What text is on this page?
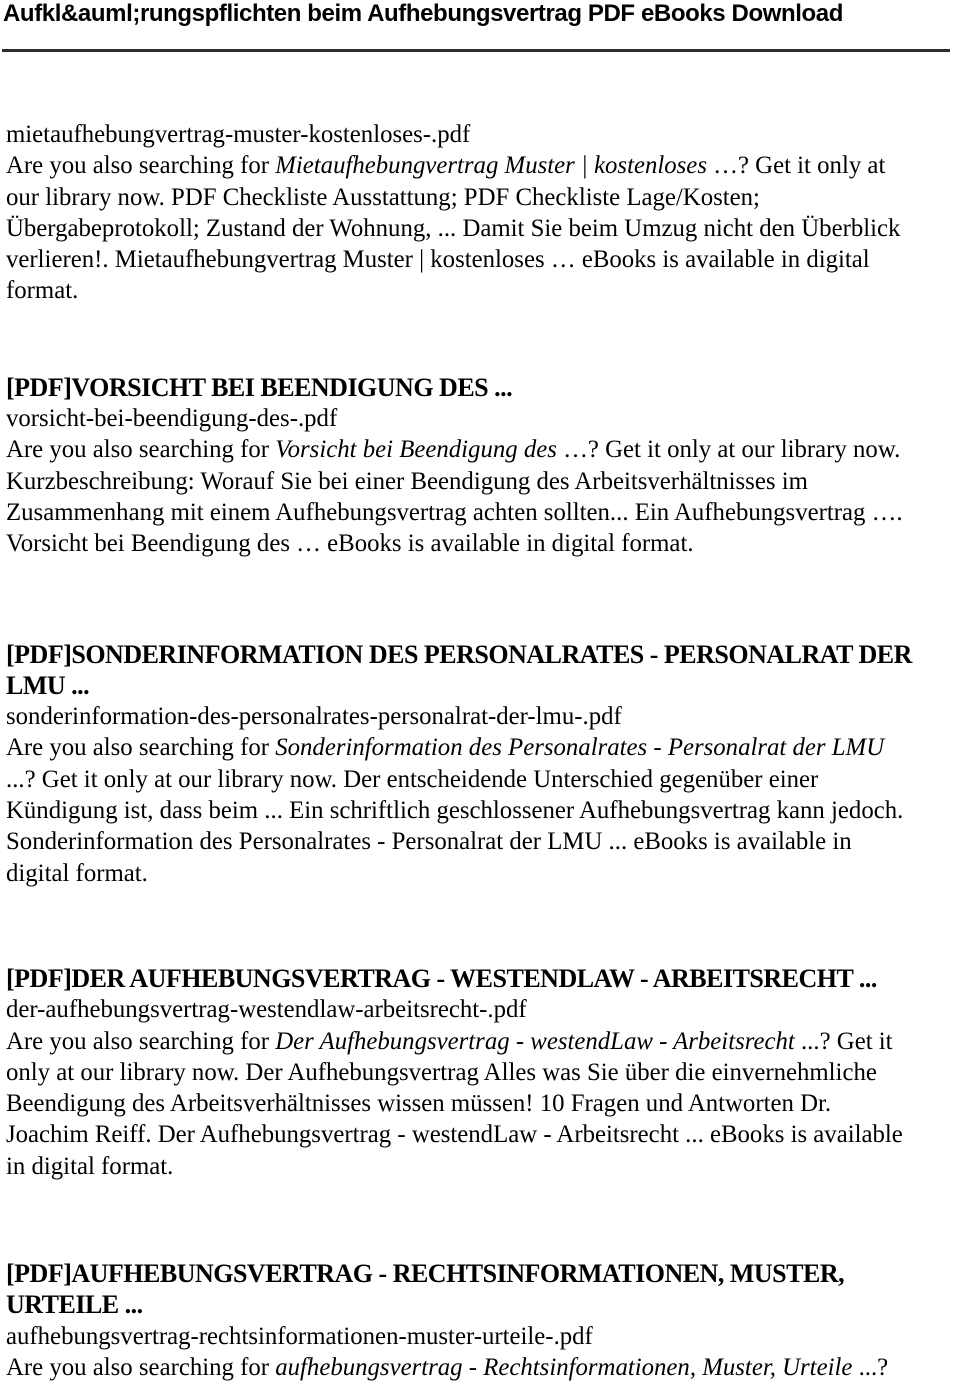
Aufkl&auml;rungspflichten beim Aufhebungsvertrag PDF eBooks Download
mietaufhebungvertrag-muster-kostenloses-.pdf
Are you also searching for Mietaufhebungvertrag Muster | kostenloses …? Get it only at
our library now. PDF Checkliste Ausstattung; PDF Checkliste Lage/Kosten;
Übergabeprotokoll; Zustand der Wohnung, ... Damit Sie beim Umzug nicht den Überblick
verlieren!. Mietaufhebungvertrag Muster | kostenloses … eBooks is available in digital
format.
[PDF]VORSICHT BEI BEENDIGUNG DES ...
vorsicht-bei-beendigung-des-.pdf
Are you also searching for Vorsicht bei Beendigung des …? Get it only at our library now.
Kurzbeschreibung: Worauf Sie bei einer Beendigung des Arbeitsverhältnisses im
Zusammenhang mit einem Aufhebungsvertrag achten sollten... Ein Aufhebungsvertrag ….
Vorsicht bei Beendigung des … eBooks is available in digital format.
[PDF]SONDERINFORMATION DES PERSONALRATES - PERSONALRAT DER
LMU ...
sonderinformation-des-personalrates-personalrat-der-lmu-.pdf
Are you also searching for Sonderinformation des Personalrates - Personalrat der LMU
...? Get it only at our library now. Der entscheidende Unterschied gegenüber einer
Kündigung ist, dass beim ... Ein schriftlich geschlossener Aufhebungsvertrag kann jedoch.
Sonderinformation des Personalrates - Personalrat der LMU ... eBooks is available in
digital format.
[PDF]DER AUFHEBUNGSVERTRAG - WESTENDLAW - ARBEITSRECHT ...
der-aufhebungsvertrag-westendlaw-arbeitsrecht-.pdf
Are you also searching for Der Aufhebungsvertrag - westendLaw - Arbeitsrecht ...? Get it
only at our library now. Der Aufhebungsvertrag Alles was Sie über die einvernehmliche
Beendigung des Arbeitsverhältnisses wissen müssen! 10 Fragen und Antworten Dr.
Joachim Reiff. Der Aufhebungsvertrag - westendLaw - Arbeitsrecht ... eBooks is available
in digital format.
[PDF]AUFHEBUNGSVERTRAG - RECHTSINFORMATIONEN, MUSTER,
URTEILE ...
aufhebungsvertrag-rechtsinformationen-muster-urteile-.pdf
Are you also searching for aufhebungsvertrag - Rechtsinformationen, Muster, Urteile ...?
